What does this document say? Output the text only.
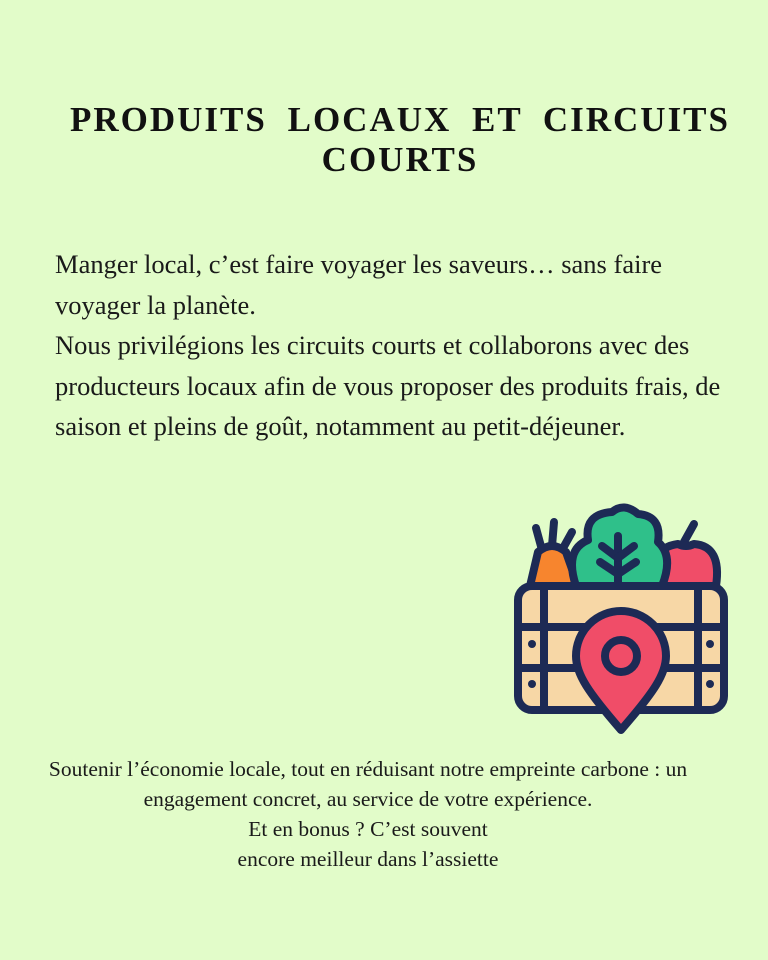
PRODUITS LOCAUX ET CIRCUITS COURTS

Manger local, c’est faire voyager les saveurs… sans faire voyager la planète.

Nous privilégions les circuits courts et collaborons avec des producteurs locaux afin de vous proposer des produits frais, de saison et pleins de goût, notamment au petit-déjeuner.

Soutenir l’économie locale, tout en réduisant notre empreinte carbone : un engagement concret, au service de votre expérience.

Et en bonus ? C’est souvent

encore meilleur dans l’assiette
